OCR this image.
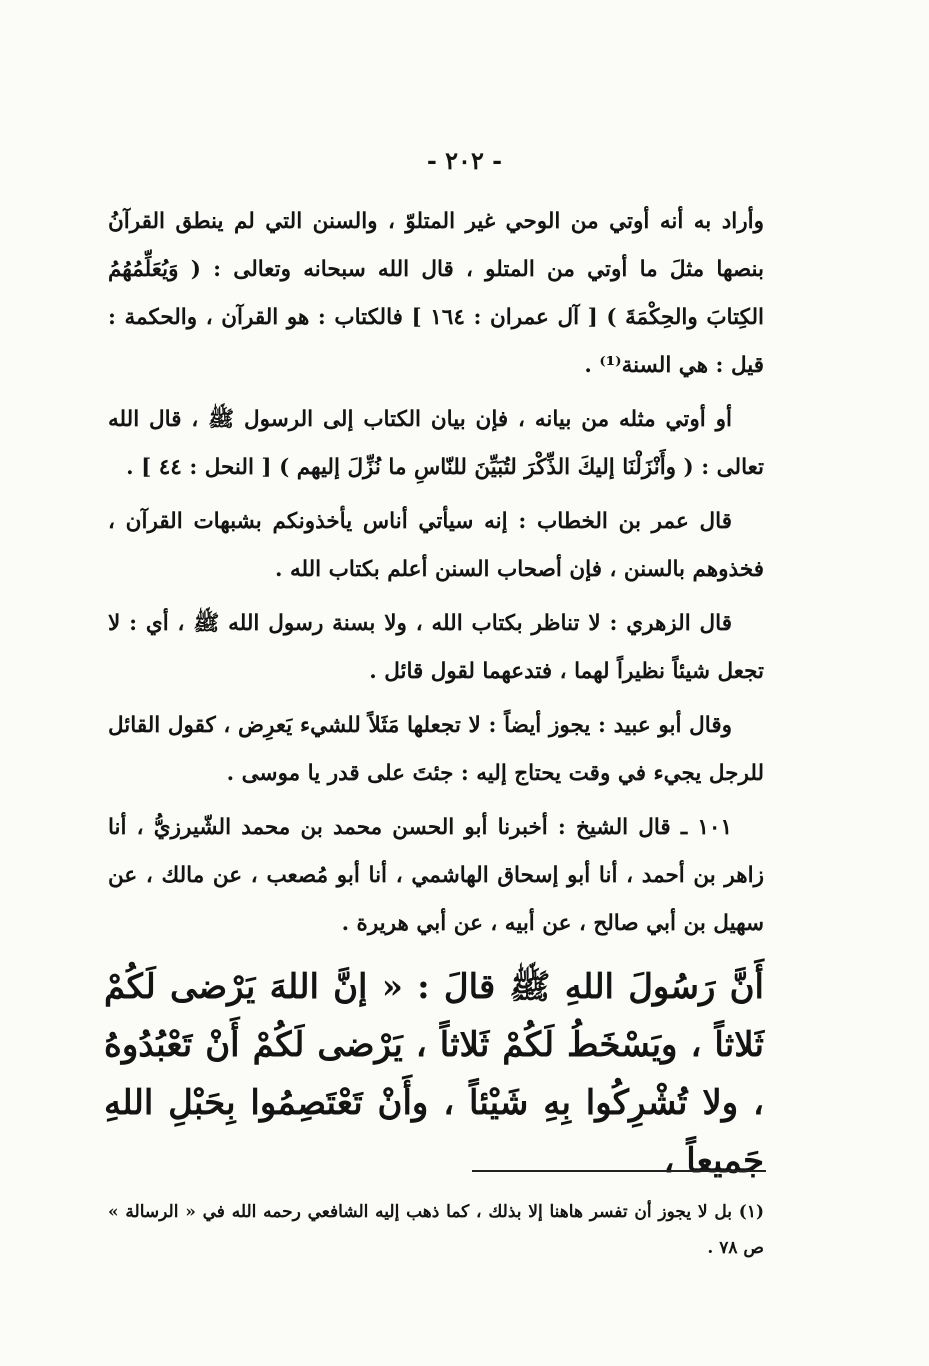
- ٢٠٢ -

وأراد به أنه أوتي من الوحي غير المتلوّ ، والسنن التي لم ينطق القرآنُ بنصها مثلَ ما أوتي من المتلو ، قال الله سبحانه وتعالى : ( وَيُعَلِّمُهُمُ الكِتابَ والحِكْمَةَ ) [ آل عمران : ١٦٤ ] فالكتاب : هو القرآن ، والحكمة : قيل : هي السنة⁽¹⁾ .

أو أوتي مثله من بيانه ، فإن بيان الكتاب إلى الرسول ﷺ ، قال الله تعالى : ( وأَنْزَلْنَا إليكَ الذِّكْرَ لتُبَيِّنَ للنّاسِ ما نُزِّلَ إليهم ) [ النحل : ٤٤ ] .

قال عمر بن الخطاب : إنه سيأتي أناس يأخذونكم بشبهات القرآن ، فخذوهم بالسنن ، فإن أصحاب السنن أعلم بكتاب الله .

قال الزهري : لا تناظر بكتاب الله ، ولا بسنة رسول الله ﷺ ، أي : لا تجعل شيئاً نظيراً لهما ، فتدعهما لقول قائل .

وقال أبو عبيد : يجوز أيضاً : لا تجعلها مَثَلاً للشيء يَعرِض ، كقول القائل للرجل يجيء في وقت يحتاج إليه : جئتَ على قدر يا موسى .

١٠١ ـ قال الشيخ : أخبرنا أبو الحسن محمد بن محمد الشّيرزيُّ ، أنا زاهر بن أحمد ، أنا أبو إسحاق الهاشمي ، أنا أبو مُصعب ، عن مالك ، عن سهيل بن أبي صالح ، عن أبيه ، عن أبي هريرة .

أَنَّ رَسُولَ اللهِ ﷺ قالَ : « إنَّ اللهَ يَرْضى لَكُمْ ثَلاثاً ، ويَسْخَطُ لَكُمْ ثَلاثاً ، يَرْضى لَكُمْ أَنْ تَعْبُدُوهُ ، ولا تُشْرِكُوا بِهِ شَيْئاً ، وأَنْ تَعْتَصِمُوا بِحَبْلِ اللهِ جَميعاً ،

(١) بل لا يجوز أن تفسر هاهنا إلا بذلك ، كما ذهب إليه الشافعي رحمه الله في « الرسالة » ص ٧٨ .
